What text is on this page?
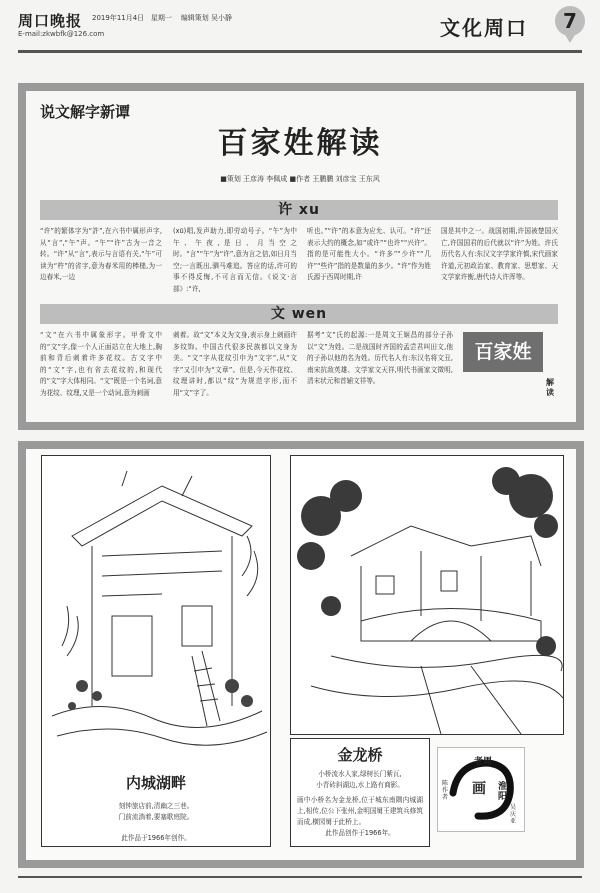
周口晚报 2019年11月4日 星期一 编辑策划 吴小静
E-mail:zkwbfk@126.com	文化周口	7
说文解字新谭
百家姓解读
■策划 王彦涛 李佩成 ■作者 王鹏鹏 刘彦宝 王东风
许 xu
“许”的繁体字为“許”,在六书中属形声字,从“言”,“午”声。“午”“许”古为一音之转。“许”从“言”,表示与言语有关,“午”可读为“杵”的省字,意为春米用的棒槌,为一边春米,一边
(xū)唱,发声助力,即劳动号子。“午”为中午、午夜,是日、月当空之时。“言”“午”为“许”,意为言之信,如日月当空;一言既出,驷马难追。答应的话,许可的事不得反悔,不可言而无信。《说文·言部》:“许,
听也。”“许”的本意为应允、认可。“许”还表示大约的概念,如“或许”“也许”“兴许”。指的是可能性大小。“许多”“少许”“几许”“些许”指的是数量的多少。“许”作为姓氏源于西周时期,许
国是其中之一。战国初期,许国被楚国灭亡,许国国君的后代就以“许”为姓。许氏历代名人有:东汉文字学家许慎,宋代画家许道,元初政治家、教育家、思想家、天文学家许衡,唐代诗人许浑等。
文 wen
“文”在六书中属象形字。甲骨文中的“文”字,像一个人正面站立在大地上,胸前和背后刺着许多花纹。古文字中的“文”字,也有省去花纹的,和现代的“文”字大体相同。“文”既是一个名词,意为花纹、纹理,又是一个动词,意为刺画
刺着。故“文”本义为文身,表示身上刺画许多纹饰。中国古代很多民族都以文身为美。“文”字从花纹引申为“文字”,从“文字”又引申为“文章”。但是,今天作花纹、纹理讲时,都以“纹”为规范字形,而不用“文”字了。
据考“文”氏的起源:一是周文王姬昌的部分子孙以“文”为姓。二是战国时齐国的孟尝君叫田文,他的子孙以他的名为姓。历代名人有:东汉名将文丑,南宋抗敌英雄、文学家文天祥,明代书画家文徵明,清末状元和首辅文祥等。
百家姓
解读
内城湖畔
刻钟旅店前,清幽之三巷。
门前流淌着,要塞歌庭院。
此作品于1966年创作。
金龙桥
小桥流水人家,绿树长门紫瓦,
小青砖斜湖边,水上路有商影。
画中小桥名为金龙桥,位于城东南隅内城湖上,相传,位公下张州,金明国舅王建筑兵修筑而成,横园舅于此桥上。
此作品创作于1966年。
老周
画 淮阳
陈作者
吴庆亚
